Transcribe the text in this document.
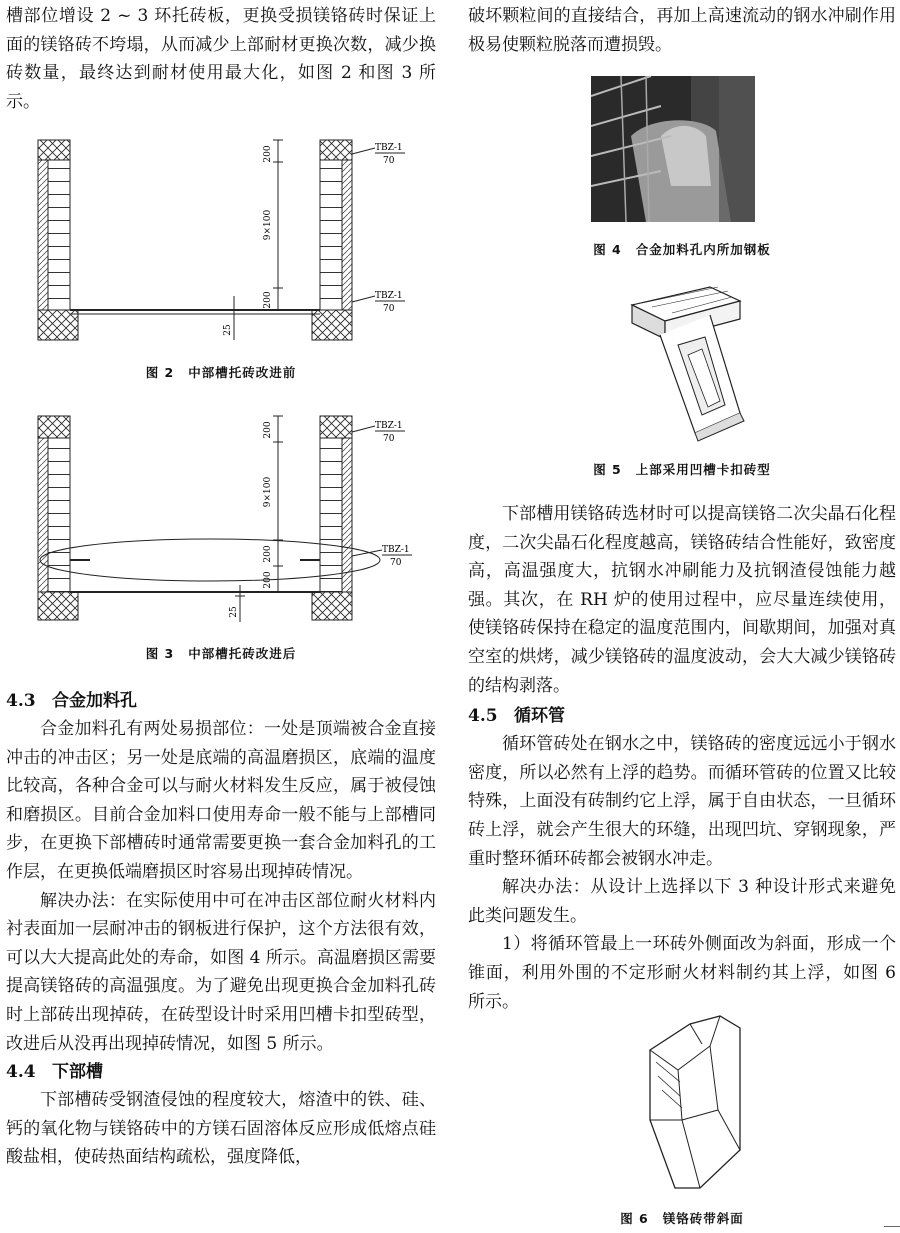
槽部位增设 2 ~ 3 环托砖板，更换受损镁铬砖时保证上面的镁铬砖不垮塌，从而减少上部耐材更换次数，减少换砖数量，最终达到耐材使用最大化，如图 2 和图 3 所示。

200
9×100
200
25
TBZ-1
70
TBZ-1
70
图 2 中部槽托砖改进前
200
9×100
200
200
25
TBZ-1
70
TBZ-1
70
图 3 中部槽托砖改进后
4.3 合金加料孔

合金加料孔有两处易损部位：一处是顶端被合金直接冲击的冲击区；另一处是底端的高温磨损区，底端的温度比较高，各种合金可以与耐火材料发生反应，属于被侵蚀和磨损区。目前合金加料口使用寿命一般不能与上部槽同步，在更换下部槽砖时通常需要更换一套合金加料孔的工作层，在更换低端磨损区时容易出现掉砖情况。

解决办法：在实际使用中可在冲击区部位耐火材料内衬表面加一层耐冲击的钢板进行保护，这个方法很有效，可以大大提高此处的寿命，如图 4 所示。高温磨损区需要提高镁铬砖的高温强度。为了避免出现更换合金加料孔砖时上部砖出现掉砖，在砖型设计时采用凹槽卡扣型砖型，改进后从没再出现掉砖情况，如图 5 所示。

4.4 下部槽

下部槽砖受钢渣侵蚀的程度较大，熔渣中的铁、硅、钙的氧化物与镁铬砖中的方镁石固溶体反应形成低熔点硅酸盐相，使砖热面结构疏松，强度降低，

破坏颗粒间的直接结合，再加上高速流动的钢水冲刷作用极易使颗粒脱落而遭损毁。

图 4 合金加料孔内所加钢板
图 5 上部采用凹槽卡扣砖型

下部槽用镁铬砖选材时可以提高镁铬二次尖晶石化程度，二次尖晶石化程度越高，镁铬砖结合性能好，致密度高，高温强度大，抗钢水冲刷能力及抗钢渣侵蚀能力越强。其次，在 RH 炉的使用过程中，应尽量连续使用，使镁铬砖保持在稳定的温度范围内，间歇期间，加强对真空室的烘烤，减少镁铬砖的温度波动，会大大减少镁铬砖的结构剥落。

4.5 循环管

循环管砖处在钢水之中，镁铬砖的密度远远小于钢水密度，所以必然有上浮的趋势。而循环管砖的位置又比较特殊，上面没有砖制约它上浮，属于自由状态，一旦循环砖上浮，就会产生很大的环缝，出现凹坑、穿钢现象，严重时整环循环砖都会被钢水冲走。

解决办法：从设计上选择以下 3 种设计形式来避免此类问题发生。

1）将循环管最上一环砖外侧面改为斜面，形成一个锥面，利用外围的不定形耐火材料制约其上浮，如图 6 所示。

图 6 镁铬砖带斜面
